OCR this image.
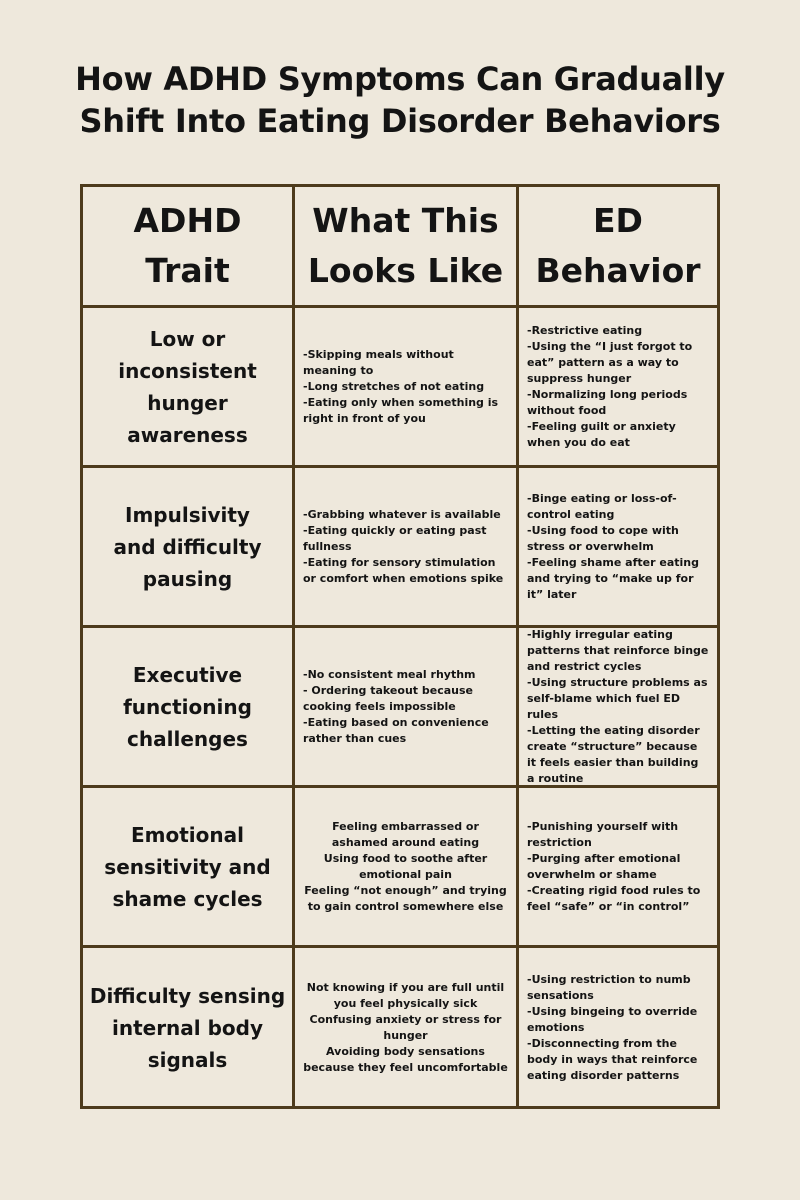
How ADHD Symptoms Can Gradually
Shift Into Eating Disorder Behaviors
ADHD
Trait
What This
Looks Like
ED
Behavior
Low or
inconsistent
hunger
awareness

-Skipping meals without meaning to

-Long stretches of not eating

-Eating only when something is right in front of you

-Restrictive eating

-Using the “I just forgot to eat” pattern as a way to suppress hunger

-Normalizing long periods without food

-Feeling guilt or anxiety when you do eat

Impulsivity
and difficulty
pausing

-Grabbing whatever is available

-Eating quickly or eating past fullness

-Eating for sensory stimulation or comfort when emotions spike

-Binge eating or loss-of-control eating

-Using food to cope with stress or overwhelm

-Feeling shame after eating and trying to “make up for it” later

Executive
functioning
challenges

-No consistent meal rhythm

- Ordering takeout because cooking feels impossible

-Eating based on convenience rather than cues

-Highly irregular eating patterns that reinforce binge and restrict cycles

-Using structure problems as self-blame which fuel ED rules

-Letting the eating disorder create “structure” because it feels easier than building a routine

Emotional
sensitivity and
shame cycles

Feeling embarrassed or ashamed around eating

Using food to soothe after emotional pain

Feeling “not enough” and trying to gain control somewhere else

-Punishing yourself with restriction

-Purging after emotional overwhelm or shame

-Creating rigid food rules to feel “safe” or “in control”

Difficulty sensing
internal body
signals

Not knowing if you are full until you feel physically sick

Confusing anxiety or stress for hunger

Avoiding body sensations because they feel uncomfortable

-Using restriction to numb sensations

-Using bingeing to override emotions

-Disconnecting from the body in ways that reinforce eating disorder patterns
